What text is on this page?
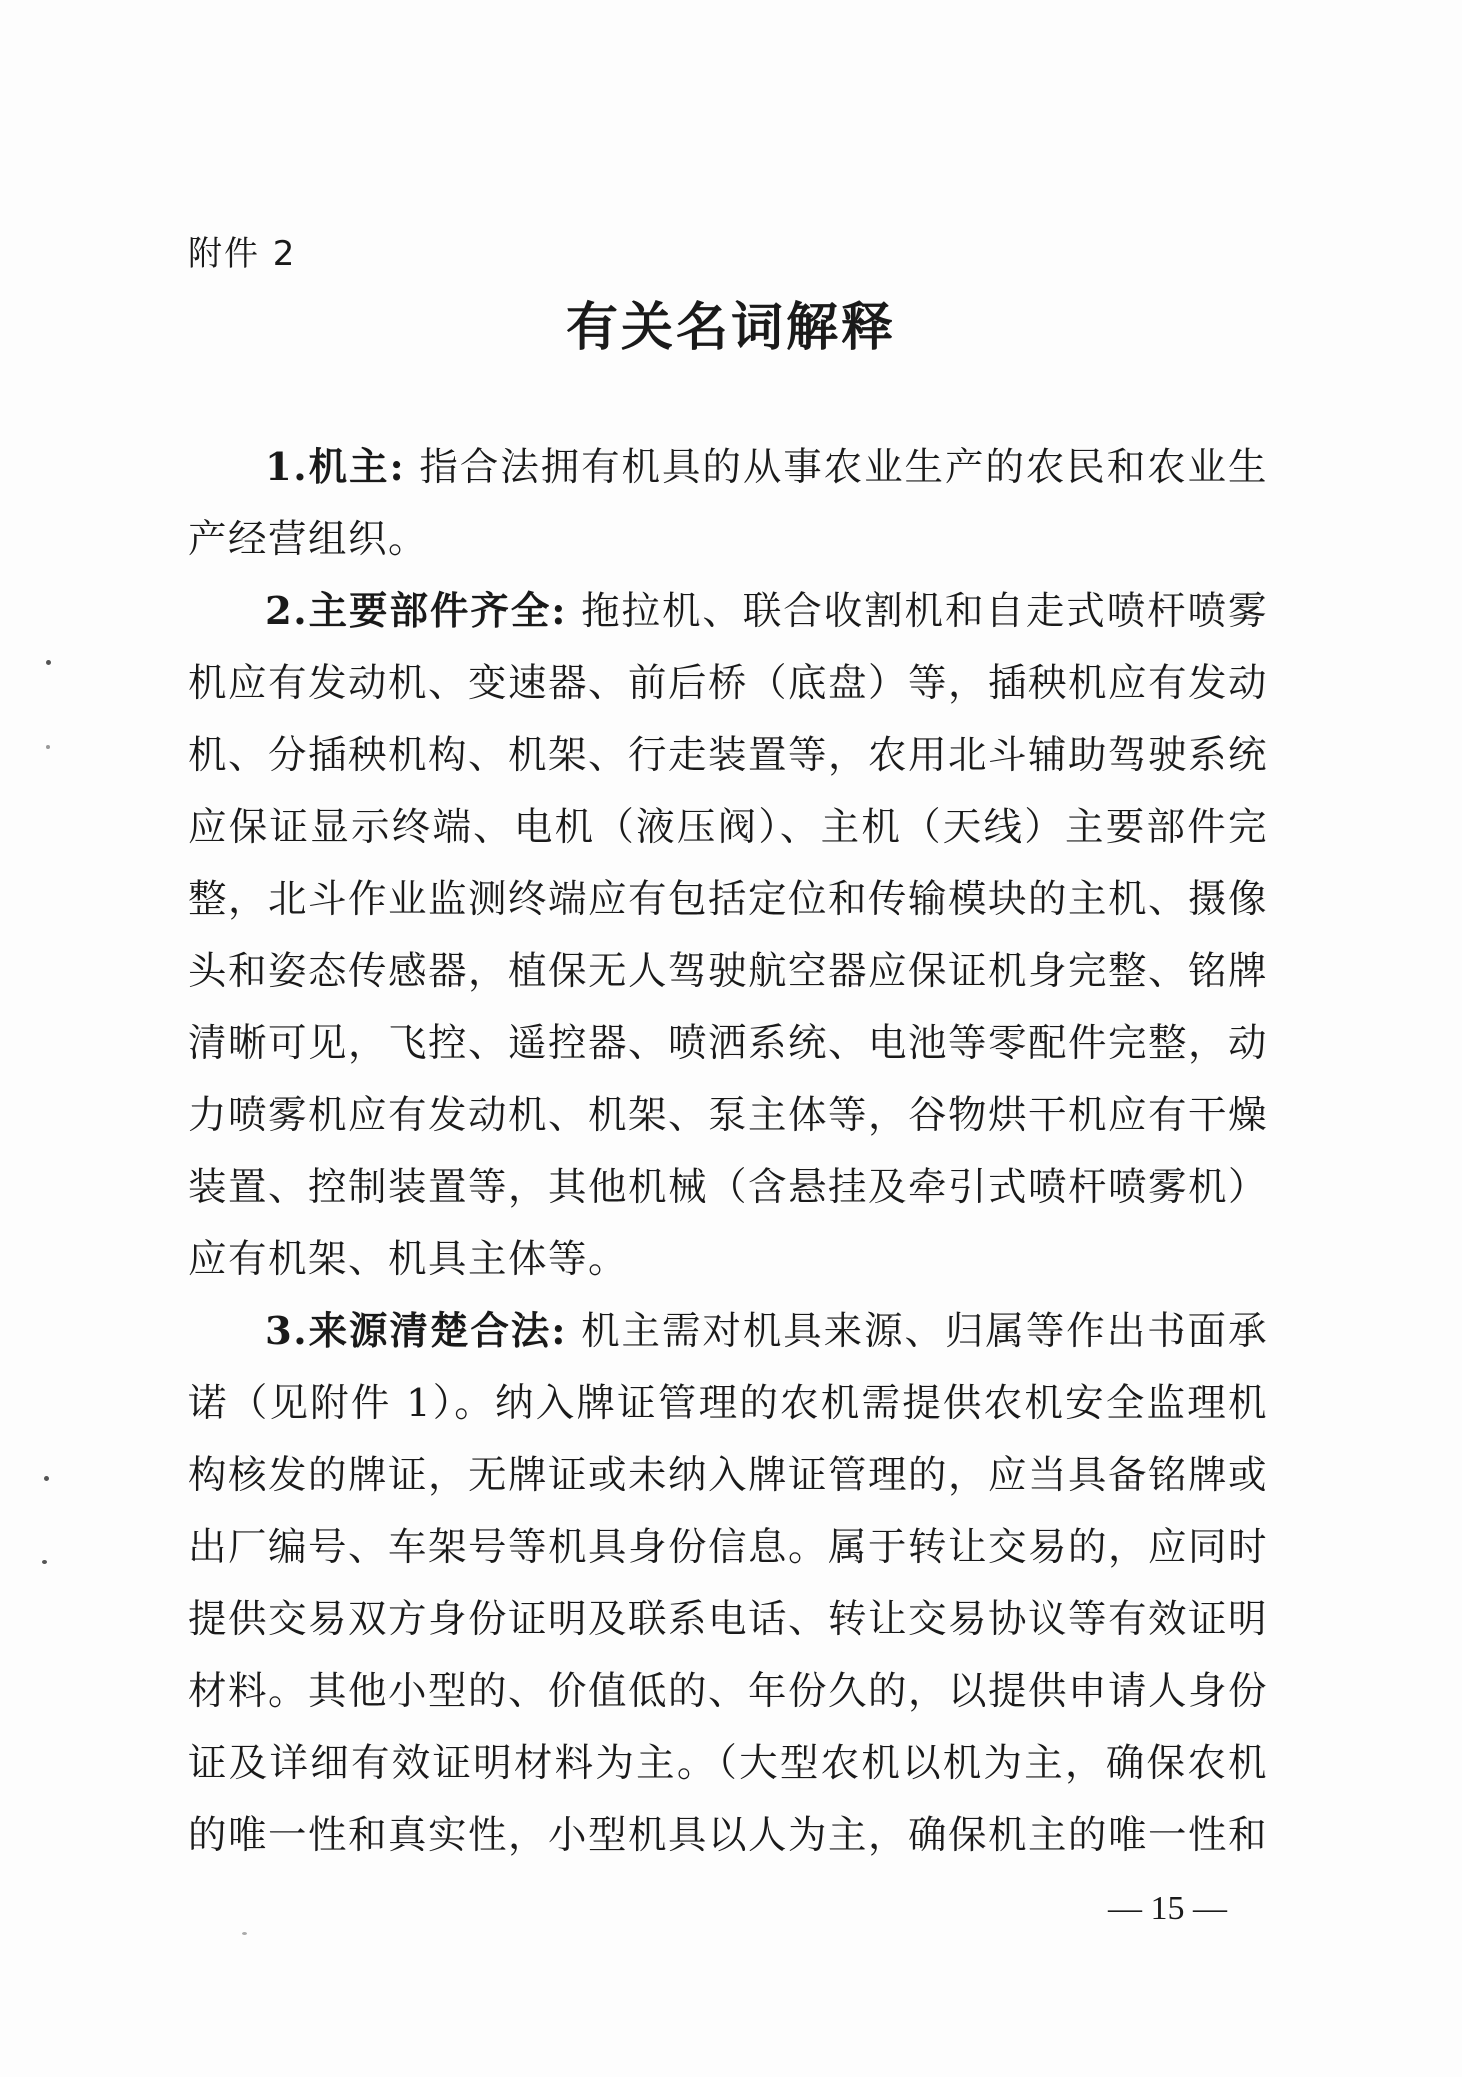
附件 2
有关名词解释

1.机主: 指合法拥有机具的从事农业生产的农民和农业生产经营组织。

2.主要部件齐全: 拖拉机、联合收割机和自走式喷杆喷雾机应有发动机、变速器、前后桥（底盘）等，插秧机应有发动机、分插秧机构、机架、行走装置等，农用北斗辅助驾驶系统应保证显示终端、电机（液压阀）、主机（天线）主要部件完整，北斗作业监测终端应有包括定位和传输模块的主机、摄像头和姿态传感器，植保无人驾驶航空器应保证机身完整、铭牌清晰可见，飞控、遥控器、喷洒系统、电池等零配件完整，动力喷雾机应有发动机、机架、泵主体等，谷物烘干机应有干燥装置、控制装置等，其他机械（含悬挂及牵引式喷杆喷雾机）应有机架、机具主体等。

3.来源清楚合法: 机主需对机具来源、归属等作出书面承诺（见附件 1）。纳入牌证管理的农机需提供农机安全监理机构核发的牌证，无牌证或未纳入牌证管理的，应当具备铭牌或出厂编号、车架号等机具身份信息。属于转让交易的，应同时提供交易双方身份证明及联系电话、转让交易协议等有效证明材料。其他小型的、价值低的、年份久的，以提供申请人身份证及详细有效证明材料为主。（大型农机以机为主，确保农机的唯一性和真实性，小型机具以人为主，确保机主的唯一性和

— 15 —
